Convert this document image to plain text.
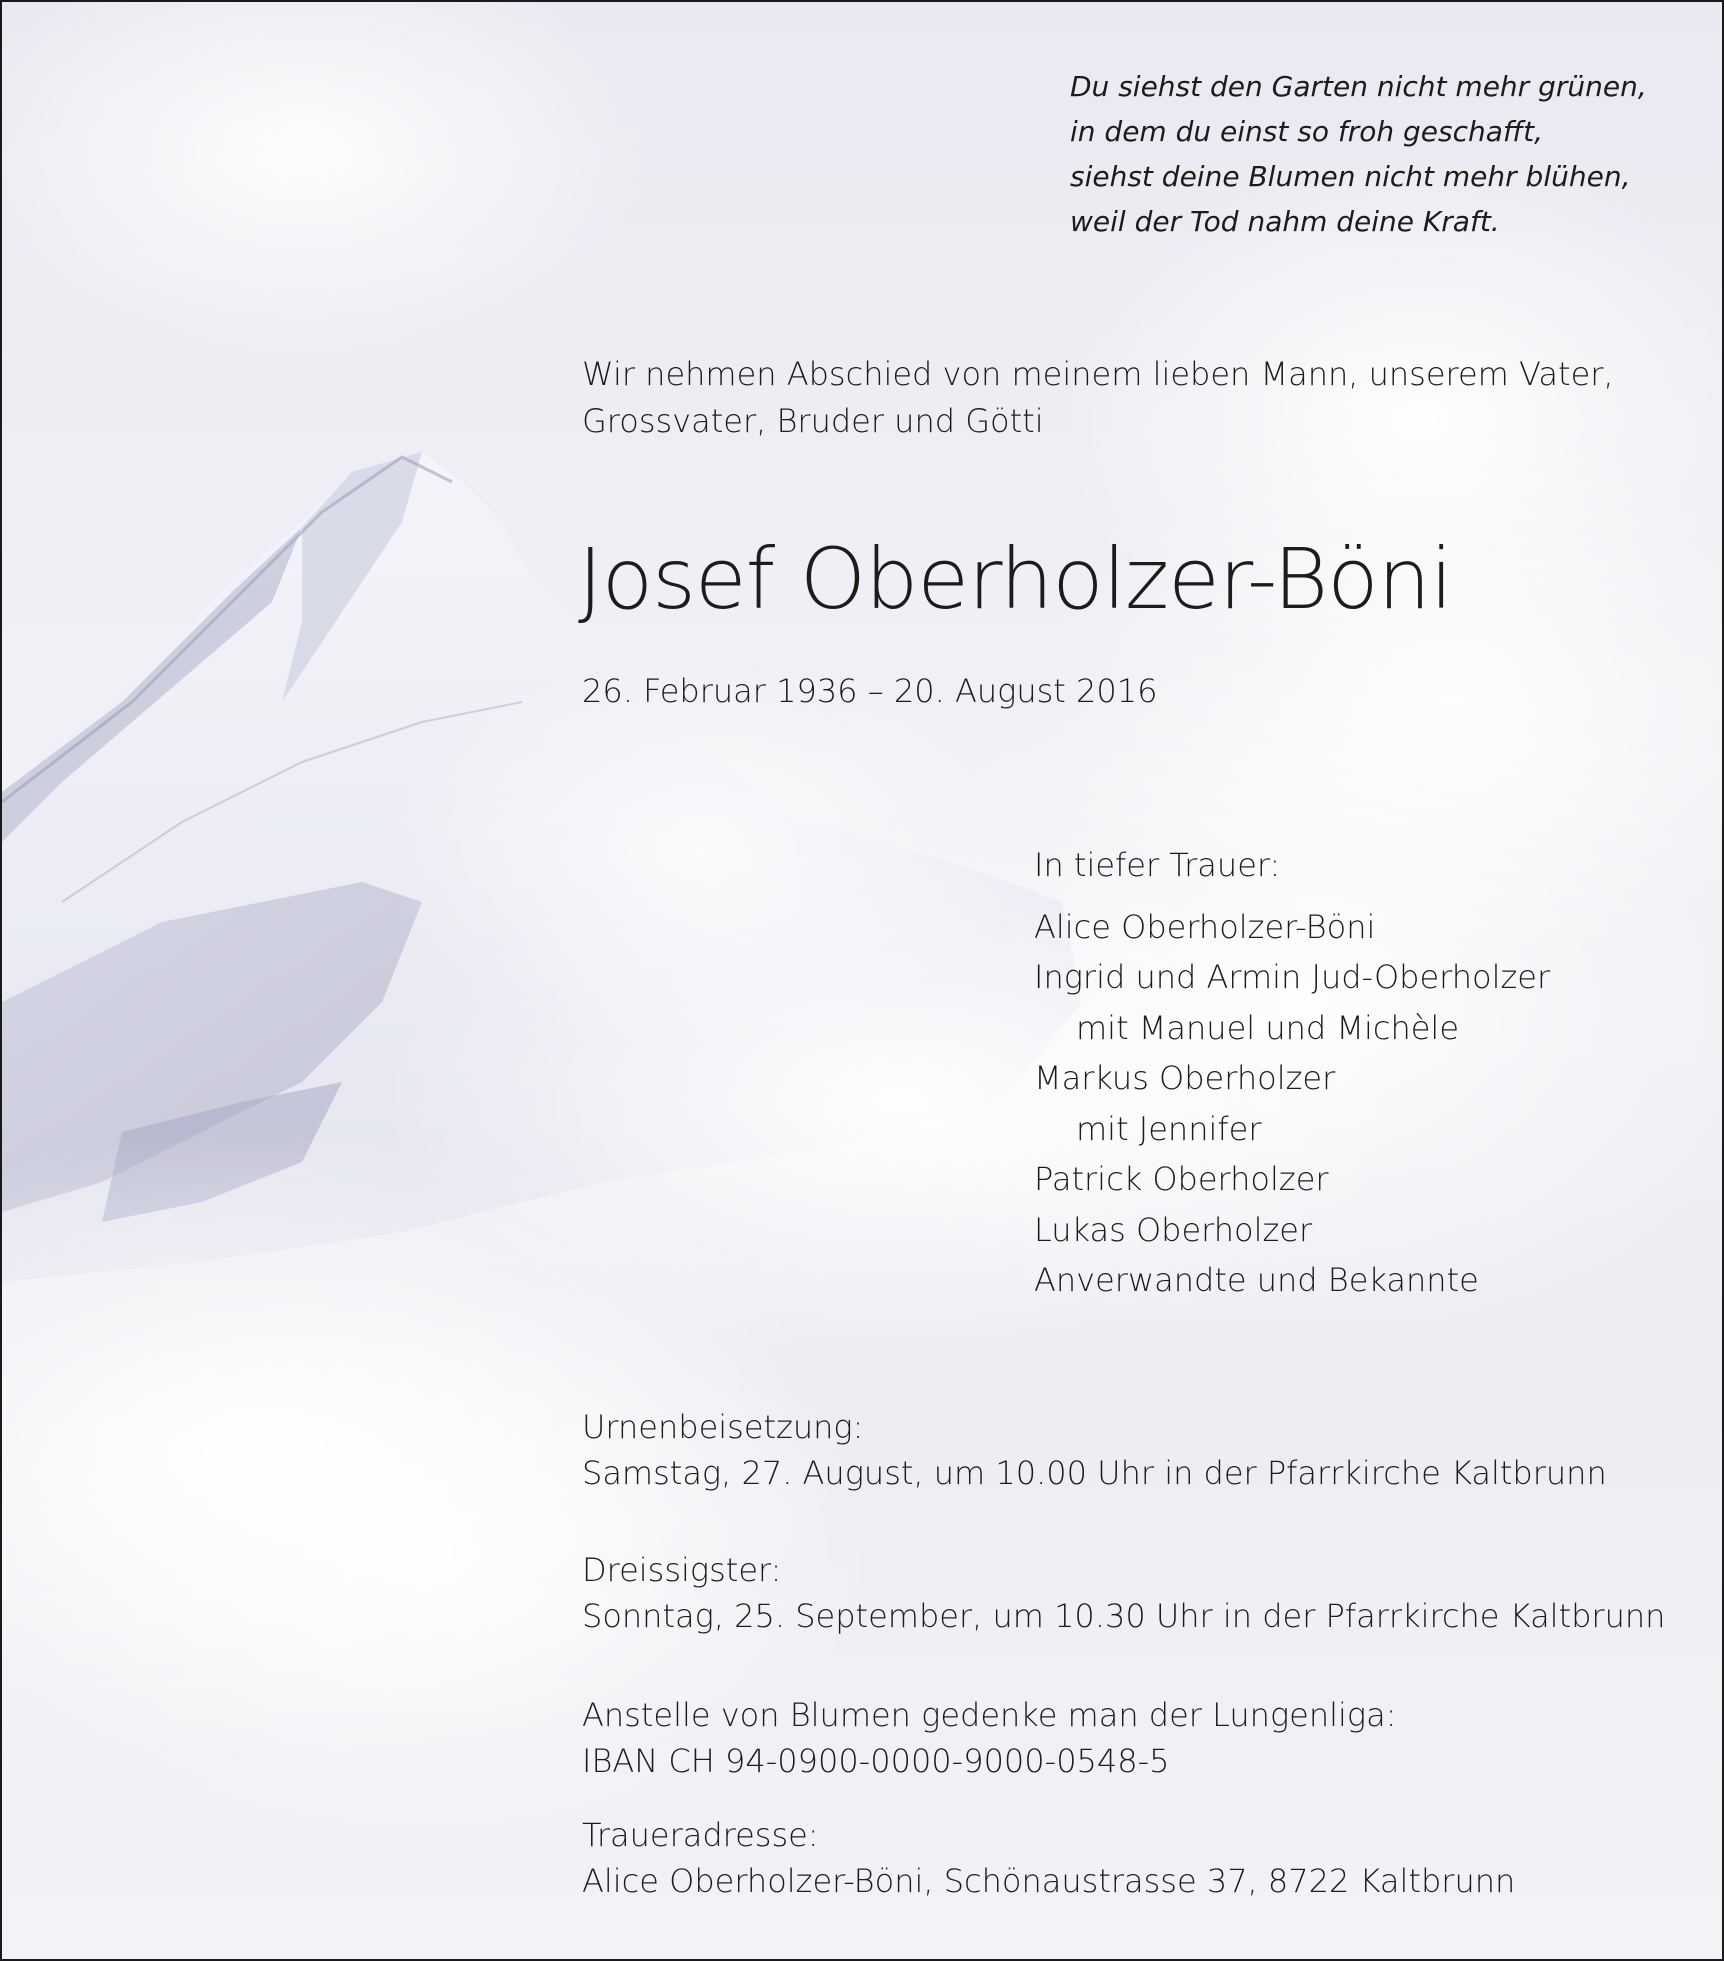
Du siehst den Garten nicht mehr grünen,
in dem du einst so froh geschafft,
siehst deine Blumen nicht mehr blühen,
weil der Tod nahm deine Kraft.
Wir nehmen Abschied von meinem lieben Mann, unserem Vater,
Grossvater, Bruder und Götti
Josef Oberholzer-Böni
26. Februar 1936 – 20. August 2016
In tiefer Trauer:
Alice Oberholzer-Böni
Ingrid und Armin Jud-Oberholzer
mit Manuel und Michèle
Markus Oberholzer
mit Jennifer
Patrick Oberholzer
Lukas Oberholzer
Anverwandte und Bekannte
Urnenbeisetzung:
Samstag, 27. August, um 10.00 Uhr in der Pfarrkirche Kaltbrunn
Dreissigster:
Sonntag, 25. September, um 10.30 Uhr in der Pfarrkirche Kaltbrunn
Anstelle von Blumen gedenke man der Lungenliga:
IBAN CH 94-0900-0000-9000-0548-5
Traueradresse:
Alice Oberholzer-Böni, Schönaustrasse 37, 8722 Kaltbrunn
